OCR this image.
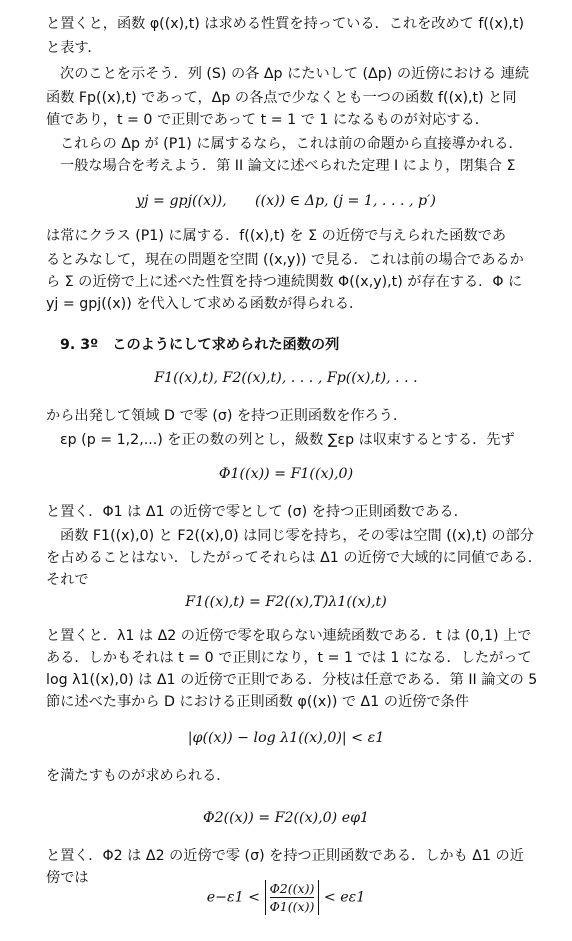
と置くと，函数 φ((x),t) は求める性質を持っている．これを改めて f((x),t)
と表す．
次のことを示そう．列 (S) の各 Δp にたいして (Δp) の近傍における 連続
函数 Fp((x),t) であって，Δp の各点で少なくとも一つの函数 f((x),t) と同
値であり，t = 0 で正則であって t = 1 で 1 になるものが対応する．
これらの Δp が (P1) に属するなら，これは前の命題から直接導かれる．
一般な場合を考えよう．第 II 論文に述べられた定理 I により，閉集合 Σ
yj = gpj((x)),　　((x)) ∈ Δp, (j = 1, . . . , p′)
は常にクラス (P1) に属する．f((x),t) を Σ の近傍で与えられた函数であ
るとみなして，現在の問題を空間 ((x,y)) で見る．これは前の場合であるか
ら Σ の近傍で上に述べた性質を持つ連続関数 Φ((x,y),t) が存在する．Φ に
yj = gpj((x)) を代入して求める函数が得られる．
9. 3º　このようにして求められた函数の列
F1((x),t), F2((x),t), . . . , Fp((x),t), . . .
から出発して領域 D で零 (σ) を持つ正則函数を作ろう．
εp (p = 1,2,...) を正の数の列とし，級数 ∑εp は収束するとする．先ず
Φ1((x)) = F1((x),0)
と置く．Φ1 は Δ1 の近傍で零として (σ) を持つ正則函数である．
函数 F1((x),0) と F2((x),0) は同じ零を持ち，その零は空間 ((x),t) の部分
を占めることはない．したがってそれらは Δ1 の近傍で大域的に同値である．
それで
F1((x),t) = F2((x),T)λ1((x),t)
と置くと．λ1 は Δ2 の近傍で零を取らない連続函数である．t は (0,1) 上で
ある．しかもそれは t = 0 で正則になり，t = 1 では 1 になる．したがって
log λ1((x),0) は Δ1 の近傍で正則である．分枝は任意である．第 II 論文の 5
節に述べた事から D における正則函数 φ((x)) で Δ1 の近傍で条件
|φ((x)) − log λ1((x),0)| < ε1
を満たすものが求められる．
Φ2((x)) = F2((x),0) eφ1
と置く．Φ2 は Δ2 の近傍で零 (σ) を持つ正則函数である．しかも Δ1 の近
傍では
$e-\varepsilon 1 < \frac{\Phi 2((x))}{\Phi 1((x))} < e\varepsilon 1$
